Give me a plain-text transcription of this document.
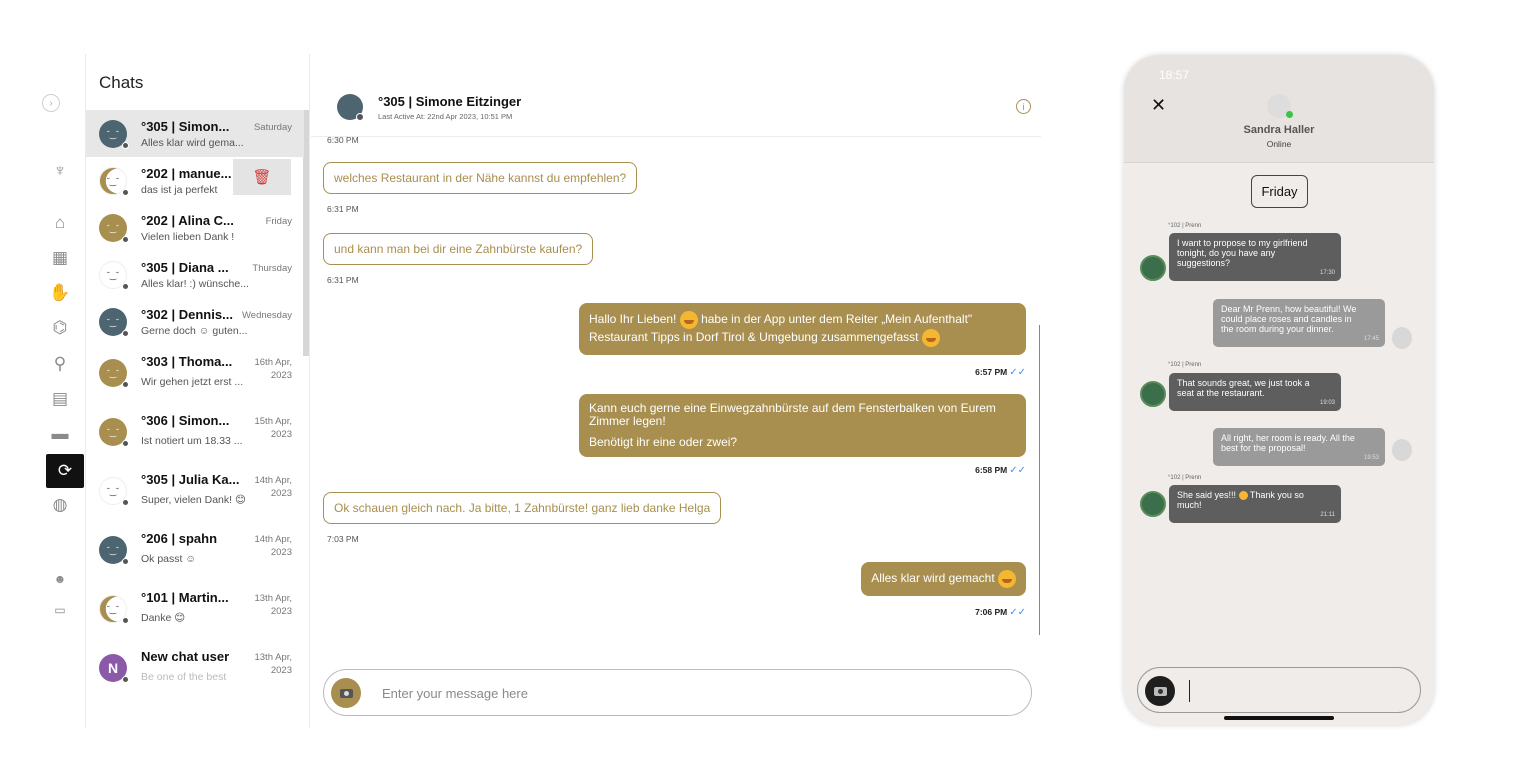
›
♆
⌂
▦
✋
⌬
⚲
▤
▬
⟳
◍
☻
▭
Chats
˘‿˘	°305 | Simon...	Saturday
Alles klar wird gema...
˘‿˘	°202 | manue...
das ist ja perfekt
🗑
˘‿˘	°202 | Alina C...	Friday
Vielen lieben Dank !
˘‿˘	°305 | Diana ...	Thursday
Alles klar! :) wünsche...
˘‿˘	°302 | Dennis... Wednesday
Gerne doch ☺ guten...
˘‿˘
°303 | Thoma...	16th Apr, 2023
Wir gehen jetzt erst ...
˘‿˘
°306 | Simon...	15th Apr, 2023
Ist notiert um 18.33 ...
˘‿˘
°305 | Julia Ka...	14th Apr, 2023
Super, vielen Dank! 😊
˘‿˘
°206 | spahn	14th Apr, 2023
Ok passt ☺
˘‿˘
°101 | Martin...	13th Apr, 2023
Danke 😊
N
New chat user	13th Apr, 2023
Be one of the best
°305 | Simone Eitzinger
Last Active At: 22nd Apr 2023, 10:51 PM
i
6:30 PM
welches Restaurant in der Nähe kannst du empfehlen?
6:31 PM
und kann man bei dir eine Zahnbürste kaufen?
6:31 PM
Hallo Ihr Lieben! habe in der App unter dem Reiter „Mein Aufenthalt"
Restaurant Tipps in Dorf Tirol & Umgebung zusammengefasst
6:57 PM ✓✓
Kann euch gerne eine Einwegzahnbürste auf dem Fensterbalken von Eurem
Zimmer legen!
Benötigt ihr eine oder zwei?
6:58 PM ✓✓
Ok schauen gleich nach. Ja bitte, 1 Zahnbürste! ganz lieb danke Helga
7:03 PM
Alles klar wird gemacht
7:06 PM ✓✓
Enter your message here
18:57
✕
Sandra Haller
Online
Friday
°102 | Prenn
I want to propose to my girlfriend
tonight, do you have any
suggestions?
17:30
Dear Mr Prenn, how beautiful! We
could place roses and candles in
the room during your dinner.
17:45
°102 | Prenn
That sounds great, we just took a
seat at the restaurant.
19:03
All right, her room is ready. All the
best for the proposal!
19:53
°102 | Prenn
She said yes!!! Thank you so
much!
21:11
